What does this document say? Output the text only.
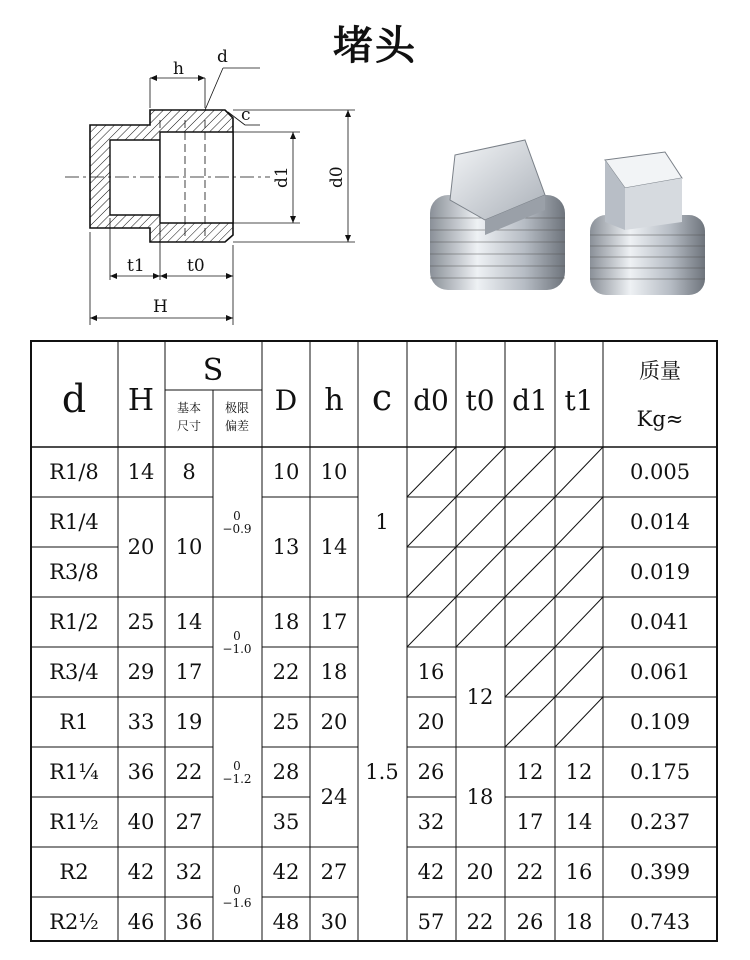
堵头
h
d
c
d1 d0
t1 t0
H
d H
S
基本
尺寸
极限
偏差
D h c d0 t0 d1 t1
质量
Kg≈
R1/8
R1/4
R3/8
R1/2
R3/4
R1
R1¼
R1½
R2
R2½
14
20
25
29
33
36
40
42
46
8
10
14
17
19
22
27
32
36
0
−0.9
0
−1.0
0
−1.2
0
−1.6
10
13
18
22
25
28
35
42
48
10
14
17
18
20
24
27
30
1
1.5
16
20
26
32
42
57
12
18
20
22
12
17
22
26
12
14
16
18
0.005
0.014
0.019
0.041
0.061
0.109
0.175
0.237
0.399
0.743
